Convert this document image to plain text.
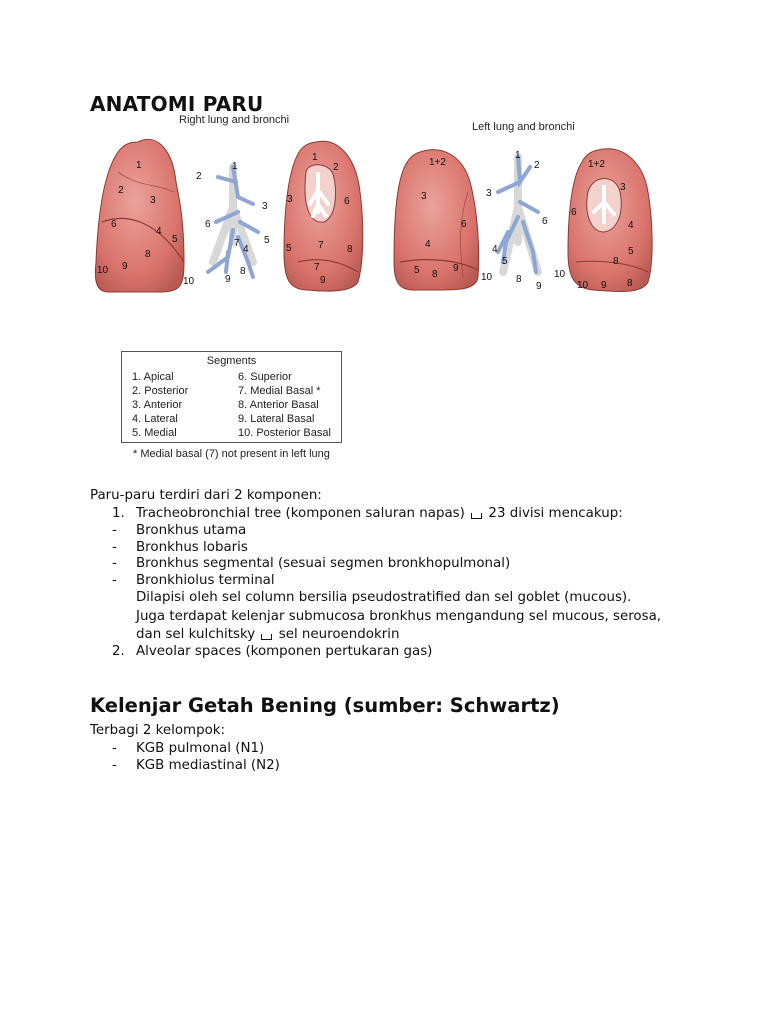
ANATOMI PARU
Right lung and bronchi
Left lung and bronchi
1
2
3
6
4
5
8
10 9
1
2
3
6
7
4
5
10	9
8
1
2
3	6
5	7 8
7
9
1+2
3
6
4
5 8
9
10
1
2
3
6
4
5
8
9
1+2
3
6
4
5
8
10 9 8
10
Segments
1. Apical
2. Posterior
3. Anterior
4. Lateral
5. Medial
6. Superior
7. Medial Basal *
8. Anterior Basal
9. Lateral Basal
10. Posterior Basal
* Medial basal (7) not present in left lung
Paru-paru terdiri dari 2 komponen:
1. Tracheobronchial tree (komponen saluran napas) 23 divisi mencakup:
- Bronkhus utama
- Bronkhus lobaris
- Bronkhus segmental (sesuai segmen bronkhopulmonal)
- Bronkhiolus terminal
Dilapisi oleh sel column bersilia pseudostratified dan sel goblet (mucous).
Juga terdapat kelenjar submucosa bronkhus mengandung sel mucous, serosa,
dan sel kulchitsky sel neuroendokrin
2. Alveolar spaces (komponen pertukaran gas)
Kelenjar Getah Bening (sumber: Schwartz)
Terbagi 2 kelompok:
- KGB pulmonal (N1)
- KGB mediastinal (N2)
